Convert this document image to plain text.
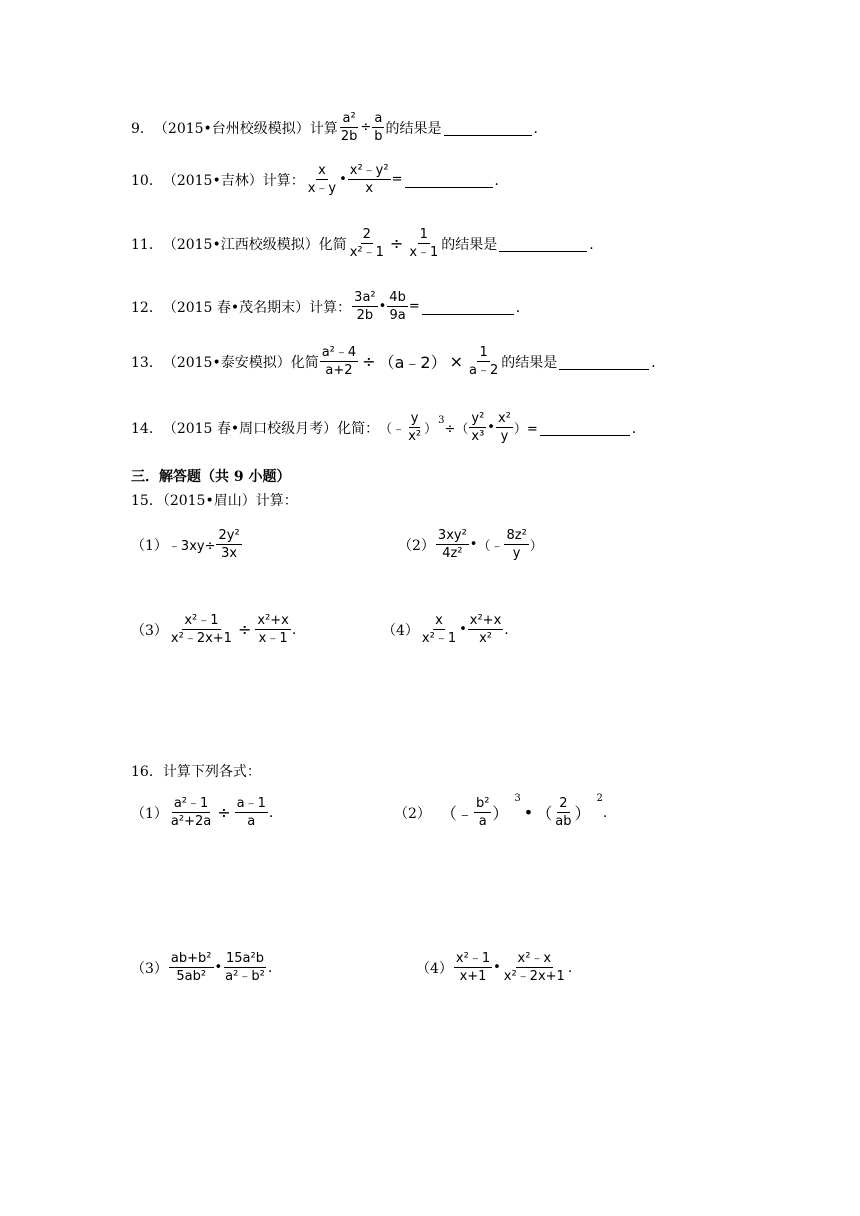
9． （2015•台州校级模拟） 计算 $\frac{\text{a²}}{2b} \div \frac{a}{b}$ 的结果是	．
10． （2015•吉林） 计算： $\frac{x}{x﹣y}$ • $\frac{\text{x²﹣y²}}{x}$ =	．
11． （2015•江西校级模拟） 化简 $\frac{2}{\text{x²﹣1}} \div \frac{1}{x﹣1}$ 的结果是	．
12． （2015 春•茂名期末） 计算： $\frac{\text{3a²}}{2b}$ • $\frac{4b}{9a}$ =	．
13． （2015•泰安模拟） 化简 $\frac{\text{a²﹣4}}{a+2}$ ÷ （a﹣2） × $\frac{1}{a﹣2}$ 的结果是	．
14． （2015 春•周口校级月考） 化简： （﹣ $\frac{y}{\text{x²}}$ ）
3
÷（ $\frac{\text{y²}}{\text{x³}}$ • $\frac{\text{x²}}{y}$ ）=	．
三．解答题（共 9 小题）
15．（2015•眉山）计算：
（1） ﹣3xy÷ $\frac{\text{2y²}}{3x}$	$(2) \frac{\text{3xy²}}{\text{4z²}}$ • （﹣ $\frac{\text{8z²}}{y}$ ）
$(3) \frac{\text{x²﹣1}}{\text{x²﹣2x+1}} \div \frac{\text{x²+x}}{x﹣1}$ .	$(4) \frac{x}{\text{x²﹣1}}$ • $\frac{\text{x²+x}}{\text{x²}}$ .
16．计算下列各式：
$(1) \frac{\text{a²﹣1}}{\text{a²+2a}} \div \frac{a﹣1}{a}$ .	（2） （﹣ $\frac{\text{b²}}{a}$ ）
3
• （ $\frac{2}{ab}$ ）
2
.
$(3) \frac{\text{ab+b²}}{\text{5ab²}}$ • $\frac{\text{15a²b}}{\text{a²﹣b²}}$ .	$(4) \frac{\text{x²﹣1}}{x+1}$ • $\frac{\text{x²﹣x}}{\text{x²﹣2x+1}}$ .
